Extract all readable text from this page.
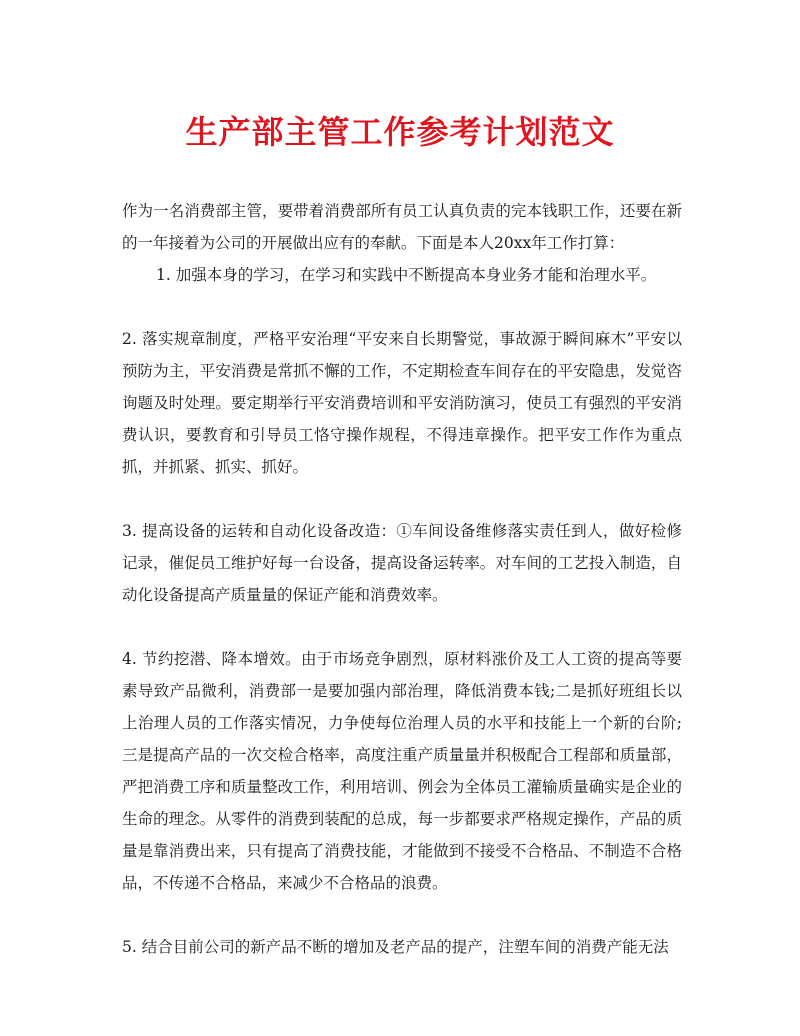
生产部主管工作参考计划范文

作为一名消费部主管，要带着消费部所有员工认真负责的完本钱职工作，还要在新的一年接着为公司的开展做出应有的奉献。下面是本人20xx年工作打算：

1. 加强本身的学习，在学习和实践中不断提高本身业务才能和治理水平。

2. 落实规章制度，严格平安治理“平安来自长期警觉，事故源于瞬间麻木”平安以预防为主，平安消费是常抓不懈的工作，不定期检查车间存在的平安隐患，发觉咨询题及时处理。要定期举行平安消费培训和平安消防演习，使员工有强烈的平安消费认识，要教育和引导员工恪守操作规程，不得违章操作。把平安工作作为重点抓，并抓紧、抓实、抓好。

3. 提高设备的运转和自动化设备改造：①车间设备维修落实责任到人，做好检修记录，催促员工维护好每一台设备，提高设备运转率。对车间的工艺投入制造，自动化设备提高产质量量的保证产能和消费效率。

4. 节约挖潜、降本增效。由于市场竞争剧烈，原材料涨价及工人工资的提高等要素导致产品微利，消费部一是要加强内部治理，降低消费本钱;二是抓好班组长以上治理人员的工作落实情况，力争使每位治理人员的水平和技能上一个新的台阶;三是提高产品的一次交检合格率，高度注重产质量量并积极配合工程部和质量部，严把消费工序和质量整改工作，利用培训、例会为全体员工灌输质量确实是企业的生命的理念。从零件的消费到装配的总成，每一步都要求严格规定操作，产品的质量是靠消费出来，只有提高了消费技能，才能做到不接受不合格品、不制造不合格品，不传递不合格品，来减少不合格品的浪费。

5. 结合目前公司的新产品不断的增加及老产品的提产，注塑车间的消费产能无法
